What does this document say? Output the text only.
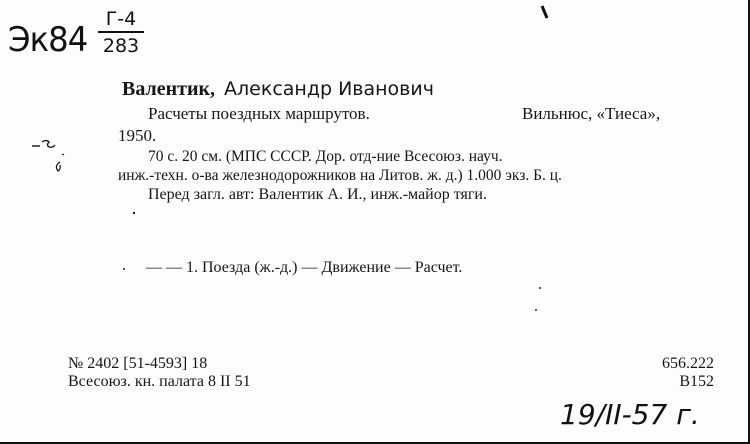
Эк84
Г-4
283
Валентик, Александр Иванович
Расчеты поездных маршрутов.	Вильнюс, «Тиеса»,
1950.
70 с. 20 см. (МПС СССР. Дор. отд-ние Всесоюз. науч.
инж.-техн. о-ва железнодорожников на Литов. ж. д.) 1.000 экз. Б. ц.
Перед загл. авт: Валентик А. И., инж.-майор тяги.
— — 1. Поезда (ж.-д.) — Движение — Расчет.
№ 2402 [51-4593] 18
Всесоюз. кн. палата 8 II 51
656.222
В152
19/II-57 г.
